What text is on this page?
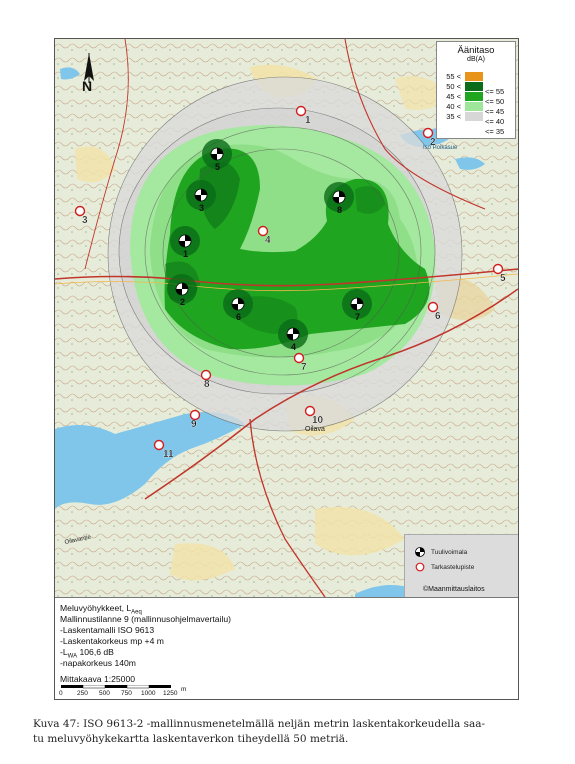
N
Oilava
Oilavantie
Iso Poikasue
1
2
3
4
5
6	7
8
1
2
3
4
5
6
7
8
9	10
11
Äänitaso
dB(A)
55 <
50 <
<= 55
45 <
<= 50
40 <
<= 45
35 <
<= 40
<= 35
Tuulivoimala
Tarkastelupiste
©Maanmittauslaitos
Meluvyöhykkeet, $L_{Aeq}$
Mallinnustilanne 9 (mallinnusohjelmavertailu)
-Laskentamalli ISO 9613
-Laskentakorkeus mp +4 m
$-L_{WA}$ 106,6 dB
-napakorkeus 140m
Mittakaava 1:25000
0 250 500 750 1000 1250
m
Kuva 47: ISO 9613-2 -mallinnusmenetelmällä neljän metrin laskentakorkeudella saa-
tu meluvyöhykekartta laskentaverkon tiheydellä 50 metriä.
